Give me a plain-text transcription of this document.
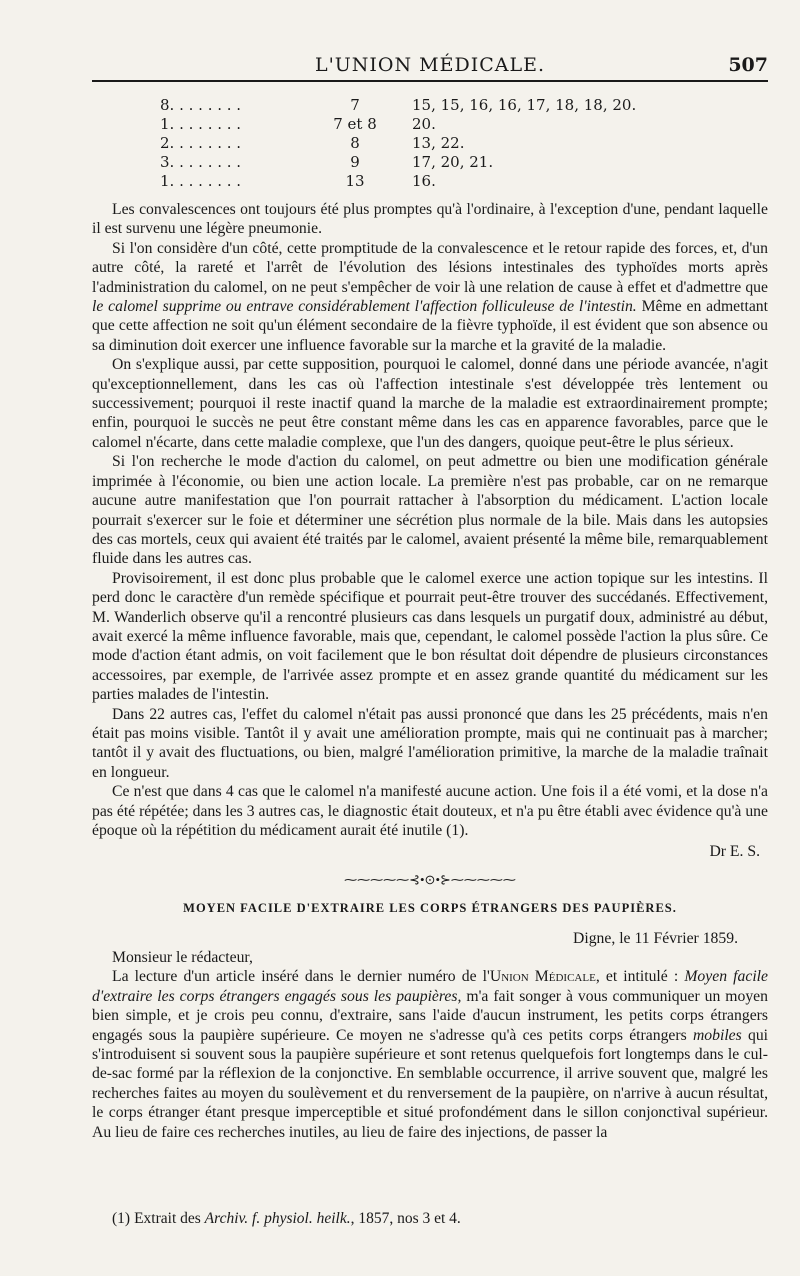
L'UNION MÉDICALE.	507
8. . . . . . . .	7	15, 15, 16, 16, 17, 18, 18, 20.
1. . . . . . . .	7 et 8	20.
2. . . . . . . .	8	13, 22.
3. . . . . . . .	9	17, 20, 21.
1. . . . . . . .	13	16.

Les convalescences ont toujours été plus promptes qu'à l'ordinaire, à l'exception d'une, pendant laquelle il est survenu une légère pneumonie.

Si l'on considère d'un côté, cette promptitude de la convalescence et le retour rapide des forces, et, d'un autre côté, la rareté et l'arrêt de l'évolution des lésions intestinales des typhoïdes morts après l'administration du calomel, on ne peut s'empêcher de voir là une relation de cause à effet et d'admettre que le calomel supprime ou entrave considérablement l'affection folliculeuse de l'intestin. Même en admettant que cette affection ne soit qu'un élément secondaire de la fièvre typhoïde, il est évident que son absence ou sa diminution doit exercer une influence favorable sur la marche et la gravité de la maladie.

On s'explique aussi, par cette supposition, pourquoi le calomel, donné dans une période avancée, n'agit qu'exceptionnellement, dans les cas où l'affection intestinale s'est développée très lentement ou successivement; pourquoi il reste inactif quand la marche de la maladie est extraordinairement prompte; enfin, pourquoi le succès ne peut être constant même dans les cas en apparence favorables, parce que le calomel n'écarte, dans cette maladie complexe, que l'un des dangers, quoique peut-être le plus sérieux.

Si l'on recherche le mode d'action du calomel, on peut admettre ou bien une modification générale imprimée à l'économie, ou bien une action locale. La première n'est pas probable, car on ne remarque aucune autre manifestation que l'on pourrait rattacher à l'absorption du médicament. L'action locale pourrait s'exercer sur le foie et déterminer une sécrétion plus normale de la bile. Mais dans les autopsies des cas mortels, ceux qui avaient été traités par le calomel, avaient présenté la même bile, remarquablement fluide dans les autres cas.

Provisoirement, il est donc plus probable que le calomel exerce une action topique sur les intestins. Il perd donc le caractère d'un remède spécifique et pourrait peut-être trouver des succédanés. Effectivement, M. Wanderlich observe qu'il a rencontré plusieurs cas dans lesquels un purgatif doux, administré au début, avait exercé la même influence favorable, mais que, cependant, le calomel possède l'action la plus sûre. Ce mode d'action étant admis, on voit facilement que le bon résultat doit dépendre de plusieurs circonstances accessoires, par exemple, de l'arrivée assez prompte et en assez grande quantité du médicament sur les parties malades de l'intestin.

Dans 22 autres cas, l'effet du calomel n'était pas aussi prononcé que dans les 25 précédents, mais n'en était pas moins visible. Tantôt il y avait une amélioration prompte, mais qui ne continuait pas à marcher; tantôt il y avait des fluctuations, ou bien, malgré l'amélioration primitive, la marche de la maladie traînait en longueur.

Ce n'est que dans 4 cas que le calomel n'a manifesté aucune action. Une fois il a été vomi, et la dose n'a pas été répétée; dans les 3 autres cas, le diagnostic était douteux, et n'a pu être établi avec évidence qu'à une époque où la répétition du médicament aurait été inutile (1).

Dr E. S.
⁓⁓⁓⁓⁓⊰•⊙•⊱⁓⁓⁓⁓⁓
MOYEN FACILE D'EXTRAIRE LES CORPS ÉTRANGERS DES PAUPIÈRES.
Digne, le 11 Février 1859.
Monsieur le rédacteur,

La lecture d'un article inséré dans le dernier numéro de l'Union Médicale, et intitulé : Moyen facile d'extraire les corps étrangers engagés sous les paupières, m'a fait songer à vous communiquer un moyen bien simple, et je crois peu connu, d'extraire, sans l'aide d'aucun instrument, les petits corps étrangers engagés sous la paupière supérieure. Ce moyen ne s'adresse qu'à ces petits corps étrangers mobiles qui s'introduisent si souvent sous la paupière supérieure et sont retenus quelquefois fort longtemps dans le cul-de-sac formé par la réflexion de la conjonctive. En semblable occurrence, il arrive souvent que, malgré les recherches faites au moyen du soulèvement et du renversement de la paupière, on n'arrive à aucun résultat, le corps étranger étant presque imperceptible et situé profondément dans le sillon conjonctival supérieur. Au lieu de faire ces recherches inutiles, au lieu de faire des injections, de passer la

(1) Extrait des Archiv. f. physiol. heilk., 1857, nos 3 et 4.
